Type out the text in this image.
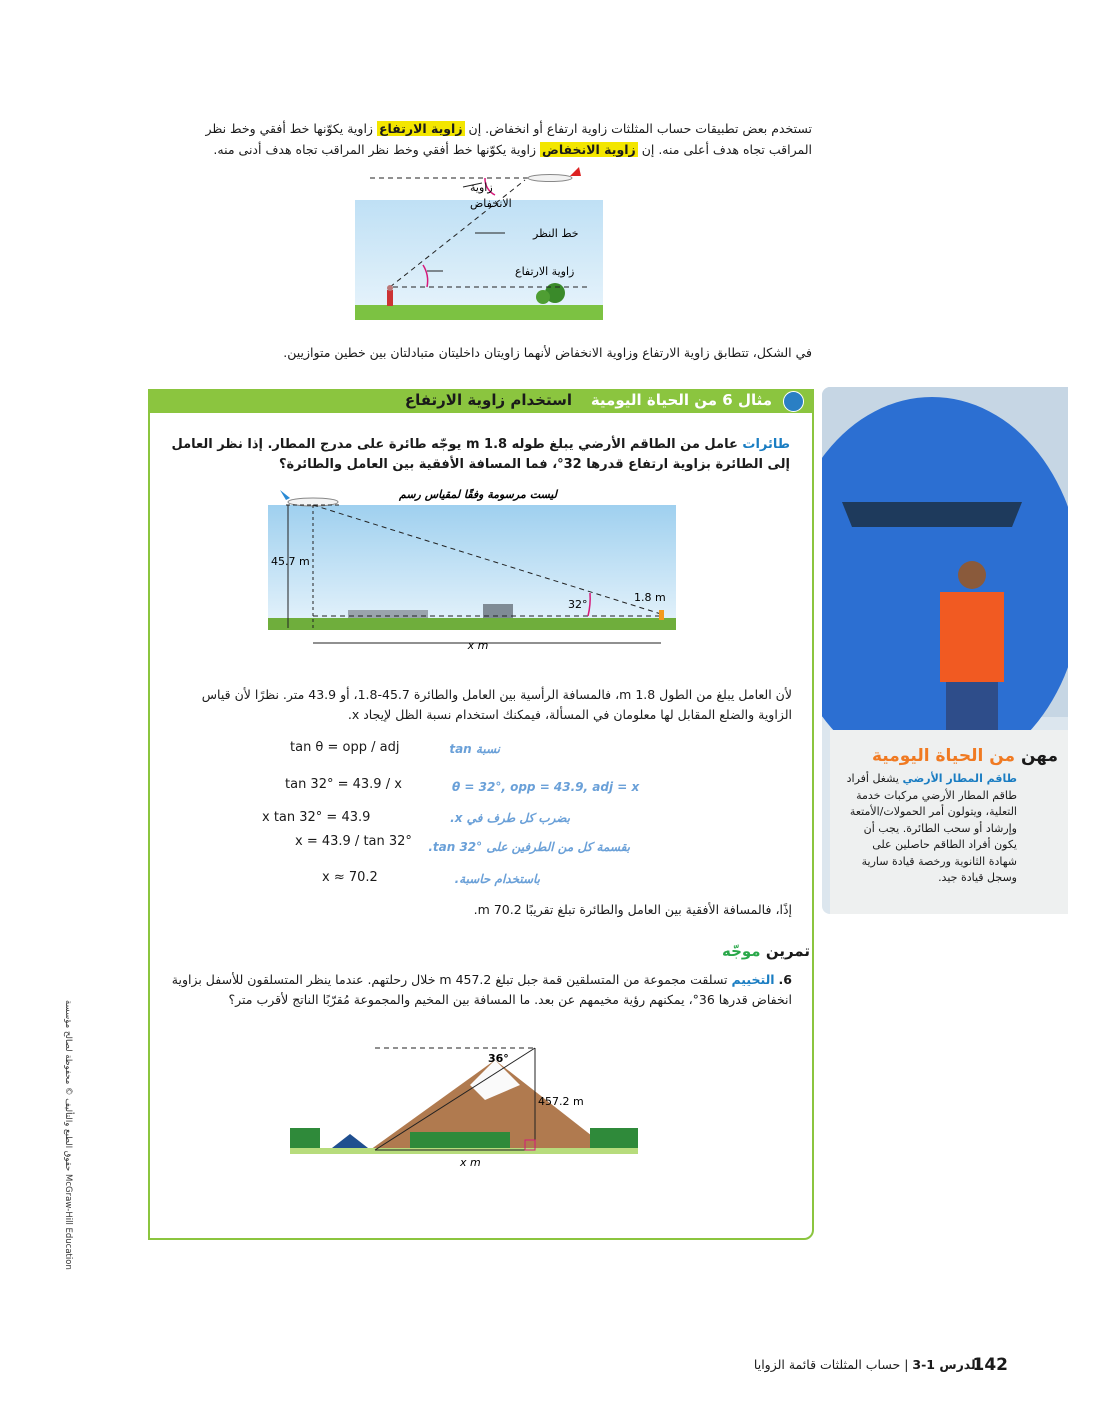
تستخدم بعض تطبيقات حساب المثلثات زاوية ارتفاع أو انخفاض. إن زاوية الارتفاع زاوية يكوّنها خط أفقي وخط نظر المراقب تجاه هدف أعلى منه. إن زاوية الانخفاض زاوية يكوّنها خط أفقي وخط نظر المراقب تجاه هدف أدنى منه.
زاوية
الانخفاض
خط النظر
زاوية الارتفاع
في الشكل، تتطابق زاوية الارتفاع وزاوية الانخفاض لأنهما زاويتان داخليتان متبادلتان بين خطين متوازيين.
مثال 6 من الحياة اليومية
استخدام زاوية الارتفاع
طائرات عامل من الطاقم الأرضي يبلغ طوله 1.8 m يوجّه طائرة على مدرج المطار. إذا نظر العامل إلى الطائرة بزاوية ارتفاع قدرها 32°، فما المسافة الأفقية بين العامل والطائرة؟
ليست مرسومة وفقًا لمقياس رسم
45.7 m
32°
1.8 m
x m
لأن العامل يبلغ من الطول 1.8 m، فالمسافة الرأسية بين العامل والطائرة 45.7-1.8، أو 43.9 متر. نظرًا لأن قياس الزاوية والضلع المقابل لها معلومان في المسألة، فيمكنك استخدام نسبة الظل لإيجاد x.
tan θ = opp / adj	نسبة tan
tan 32° = 43.9 / x	θ = 32°, opp = 43.9, adj = x
x tan 32° = 43.9	بضرب كل طرف في x.
x = 43.9 / tan 32°	بقسمة كل من الطرفين على tan 32°.
x ≈ 70.2	باستخدام حاسبة.
إذًا، فالمسافة الأفقية بين العامل والطائرة تبلغ تقريبًا 70.2 m.
تمرين موجّه
6. التخييم تسلقت مجموعة من المتسلقين قمة جبل تبلغ 457.2 m خلال رحلتهم. عندما ينظر المتسلقون للأسفل بزاوية انخفاض قدرها 36°، يمكنهم رؤية مخيمهم عن بعد. ما المسافة بين المخيم والمجموعة مُقرّبًا الناتج لأقرب متر؟
36°
457.2 m
x m
مهن من الحياة اليومية
طاقم المطار الأرضي يشغل أفراد طاقم المطار الأرضي مركبات خدمة التعلية، ويتولون أمر الحمولات/الأمتعة وإرشاد أو سحب الطائرة. يجب أن يكون أفراد الطاقم حاصلين على شهادة الثانوية ورخصة قيادة سارية وسجل قيادة جيد.
حقوق الطبع والتأليف © محفوظة لصالح مؤسسة McGraw-Hill Education
142
الدرس 1-3 | حساب المثلثات قائمة الزوايا
